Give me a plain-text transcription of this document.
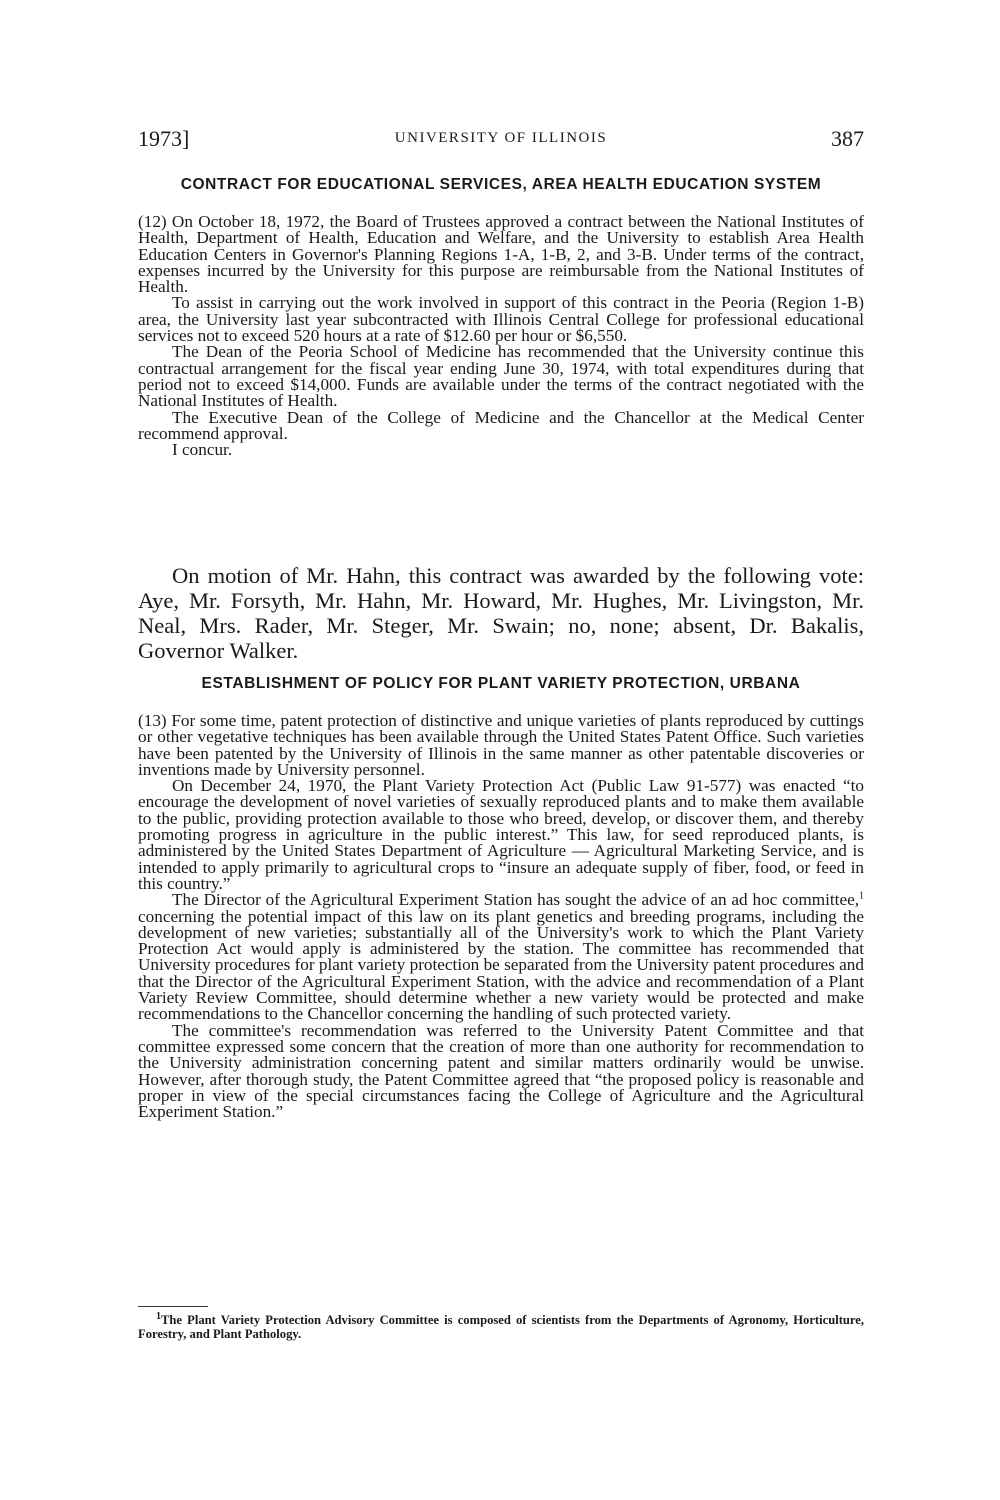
1973]	UNIVERSITY OF ILLINOIS	387

CONTRACT FOR EDUCATIONAL SERVICES, AREA HEALTH EDUCATION SYSTEM

(12) On October 18, 1972, the Board of Trustees approved a contract between the National Institutes of Health, Department of Health, Education and Welfare, and the University to establish Area Health Education Centers in Governor's Planning Regions 1-A, 1-B, 2, and 3-B. Under terms of the contract, expenses incurred by the University for this purpose are reimbursable from the National Institutes of Health.

To assist in carrying out the work involved in support of this contract in the Peoria (Region 1-B) area, the University last year subcontracted with Illinois Central College for professional educational services not to exceed 520 hours at a rate of $12.60 per hour or $6,550.

The Dean of the Peoria School of Medicine has recommended that the University continue this contractual arrangement for the fiscal year ending June 30, 1974, with total expenditures during that period not to exceed $14,000. Funds are available under the terms of the contract negotiated with the National Institutes of Health.

The Executive Dean of the College of Medicine and the Chancellor at the Medical Center recommend approval.

I concur.

On motion of Mr. Hahn, this contract was awarded by the following vote: Aye, Mr. Forsyth, Mr. Hahn, Mr. Howard, Mr. Hughes, Mr. Livingston, Mr. Neal, Mrs. Rader, Mr. Steger, Mr. Swain; no, none; absent, Dr. Bakalis, Governor Walker.

ESTABLISHMENT OF POLICY FOR PLANT VARIETY PROTECTION, URBANA

(13) For some time, patent protection of distinctive and unique varieties of plants reproduced by cuttings or other vegetative techniques has been available through the United States Patent Office. Such varieties have been patented by the University of Illinois in the same manner as other patentable discoveries or inventions made by University personnel.

On December 24, 1970, the Plant Variety Protection Act (Public Law 91-577) was enacted “to encourage the development of novel varieties of sexually reproduced plants and to make them available to the public, providing protection available to those who breed, develop, or discover them, and thereby promoting progress in agriculture in the public interest.” This law, for seed reproduced plants, is administered by the United States Department of Agriculture — Agricultural Marketing Service, and is intended to apply primarily to agricultural crops to “insure an adequate supply of fiber, food, or feed in this country.”

The Director of the Agricultural Experiment Station has sought the advice of an ad hoc committee,$^1$ concerning the potential impact of this law on its plant genetics and breeding programs, including the development of new varieties; substantially all of the University's work to which the Plant Variety Protection Act would apply is administered by the station. The committee has recommended that University procedures for plant variety protection be separated from the University patent procedures and that the Director of the Agricultural Experiment Station, with the advice and recommendation of a Plant Variety Review Committee, should determine whether a new variety would be protected and make recommendations to the Chancellor concerning the handling of such protected variety.

The committee's recommendation was referred to the University Patent Committee and that committee expressed some concern that the creation of more than one authority for recommendation to the University administration concerning patent and similar matters ordinarily would be unwise. However, after thorough study, the Patent Committee agreed that “the proposed policy is reasonable and proper in view of the special circumstances facing the College of Agriculture and the Agricultural Experiment Station.”

$^1$The Plant Variety Protection Advisory Committee is composed of scientists from the Departments of Agronomy, Horticulture, Forestry, and Plant Pathology.
